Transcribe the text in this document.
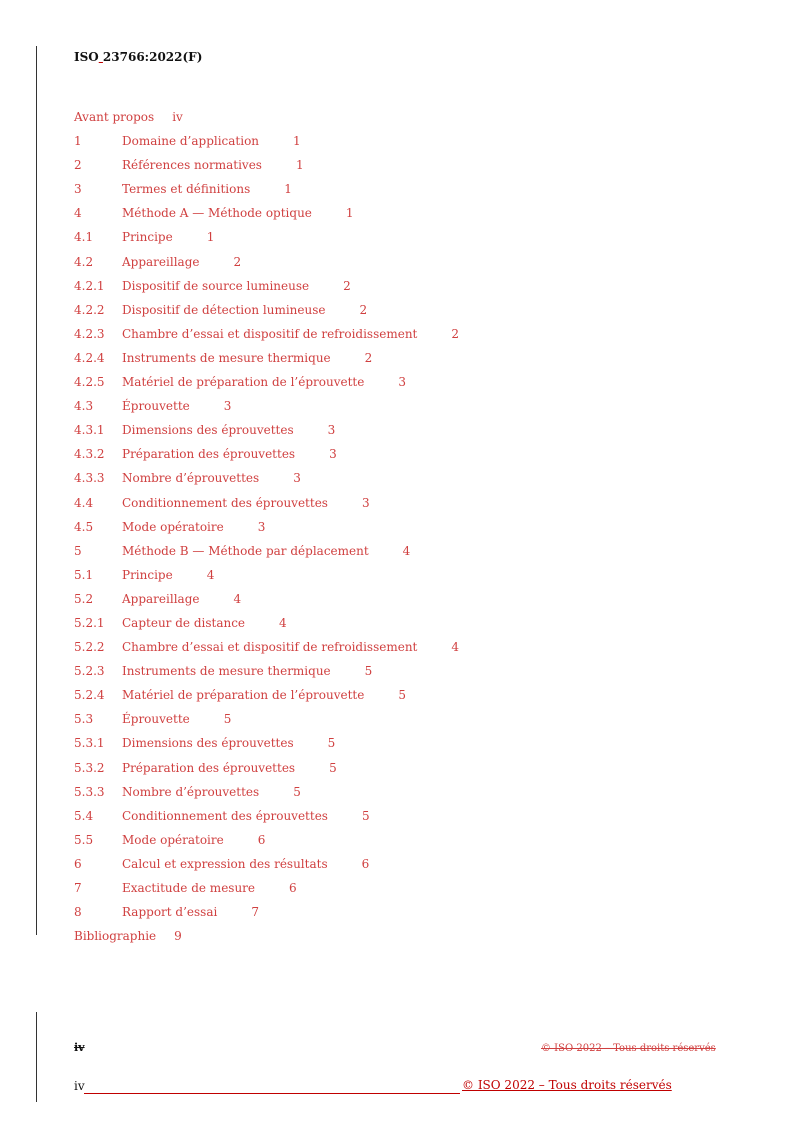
ISO 23766:2022(F)
Avant propos iv
1	Domaine d’application	1
2	Références normatives	1
3	Termes et définitions	1
4	Méthode A — Méthode optique	1
4.1 Principe	1
4.2 Appareillage	2
4.2.1 Dispositif de source lumineuse	2
4.2.2 Dispositif de détection lumineuse	2
4.2.3 Chambre d’essai et dispositif de refroidissement	2
4.2.4 Instruments de mesure thermique	2
4.2.5 Matériel de préparation de l’éprouvette	3
4.3 Éprouvette	3
4.3.1 Dimensions des éprouvettes	3
4.3.2 Préparation des éprouvettes	3
4.3.3 Nombre d’éprouvettes	3
4.4 Conditionnement des éprouvettes	3
4.5 Mode opératoire	3
5	Méthode B — Méthode par déplacement	4
5.1 Principe	4
5.2 Appareillage	4
5.2.1 Capteur de distance	4
5.2.2 Chambre d’essai et dispositif de refroidissement	4
5.2.3 Instruments de mesure thermique	5
5.2.4 Matériel de préparation de l’éprouvette	5
5.3 Éprouvette	5
5.3.1 Dimensions des éprouvettes	5
5.3.2 Préparation des éprouvettes	5
5.3.3 Nombre d’éprouvettes	5
5.4 Conditionnement des éprouvettes	5
5.5 Mode opératoire	6
6	Calcul et expression des résultats	6
7	Exactitude de mesure	6
8	Rapport d’essai	7
Bibliographie 9
iv	© ISO 2022 – Tous droits réservés
iv	© ISO 2022 – Tous droits réservés
